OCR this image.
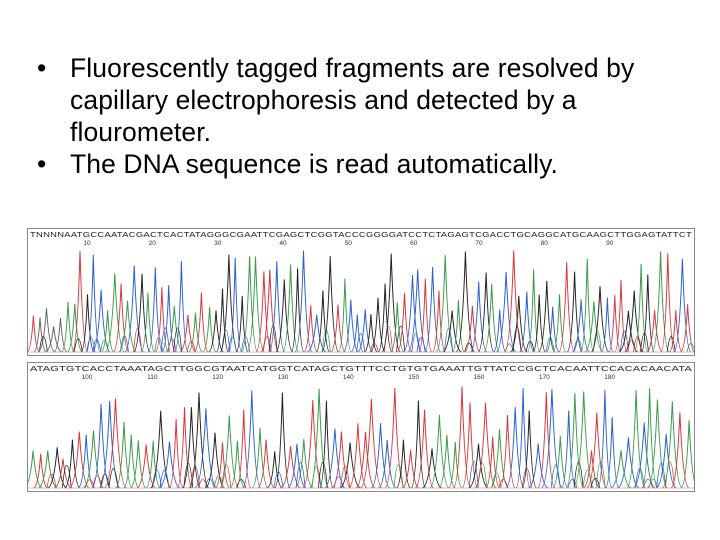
• Fluorescently tagged fragments are resolved by capillary electrophoresis and detected by a flourometer.
• The DNA sequence is read automatically.
TNNNNAATGCCAATACGACTCACTATAGGGCGAATTCGAGCTCGGTACCCGGGGATCCTCTAGAGTCGACCTGCAGGCATGCAAGCTTGGAGTATTCT
10	20	30	40	50	60	70	80	90
ATAGTGTCACCTAAATAGCTTGGCGTAATCATGGTCATAGCTGTTTCCTGTGTGAAATTGTTATCCGCTCACAATTCCACACAACATA
100	110	120	130	140	150	160	170	180
